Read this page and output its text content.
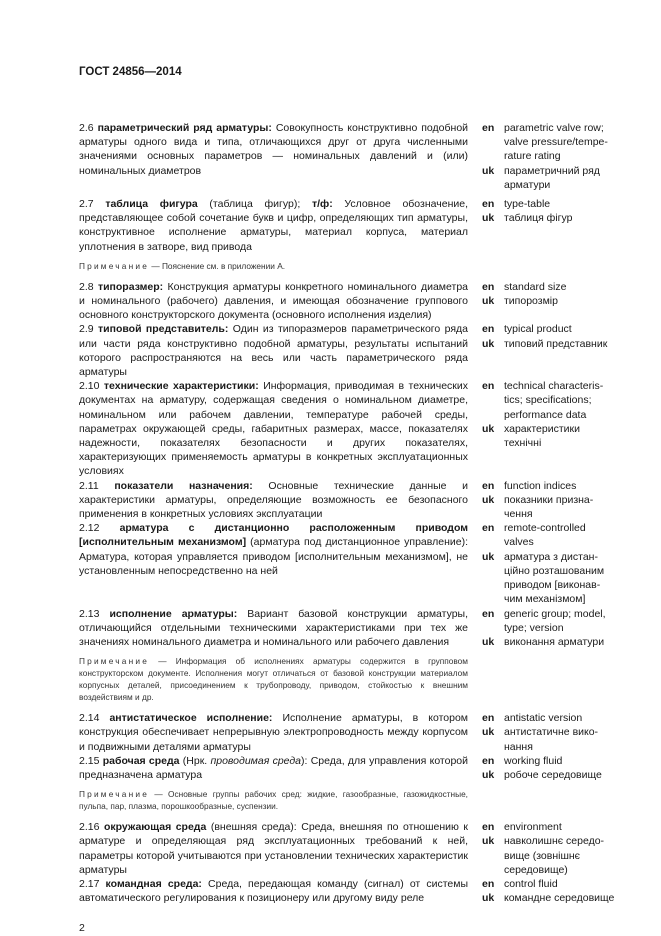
ГОСТ 24856—2014
2.6 параметрический ряд арматуры: Совокупность конструктивно подобной арматуры одного вида и типа, отличающихся друг от друга численными значениями основных параметров — номинальных давлений и (или) номинальных диаметров
en parametric valve row;
valve pressure/tempe-
rature rating
uk параметричний ряд
арматури
2.7 таблица фигура (таблица фигур); т/ф: Условное обозначение, представляющее собой сочетание букв и цифр, определяющих тип арматуры, конструктивное исполнение арматуры, материал корпуса, материал уплотнения в затворе, вид привода
en type-table
uk таблиця фігур
Примечание — Пояснение см. в приложении А.
2.8 типоразмер: Конструкция арматуры конкретного номинального диаметра и номинального (рабочего) давления, и имеющая обозначение группового основного конструкторского документа (основного исполнения изделия)
en standard size
uk типорозмір
2.9 типовой представитель: Один из типоразмеров параметрического ряда или части ряда конструктивно подобной арматуры, результаты испытаний которого распространяются на весь или часть параметрического ряда арматуры
en typical product
uk типовий представник
2.10 технические характеристики: Информация, приводимая в технических документах на арматуру, содержащая сведения о номинальном диаметре, номинальном или рабочем давлении, температуре рабочей среды, параметрах окружающей среды, габаритных размерах, массе, показателях надежности, показателях безопасности и других показателях, характеризующих применяемость арматуры в конкретных эксплуатационных условиях
en technical characteris-
tics; specifications;
performance data
uk характеристики
технічні
2.11 показатели назначения: Основные технические данные и характеристики арматуры, определяющие возможность ее безопасного применения в конкретных условиях эксплуатации
en function indices
uk показники призна-
чення
2.12 арматура с дистанционно расположенным приводом [исполнительным механизмом] (арматура под дистанционное управление): Арматура, которая управляется приводом [исполнительным механизмом], не установленным непосредственно на ней
en remote-controlled
valves
uk арматура з дистан-
ційно розташованим
приводом [виконав-
чим механізмом]
2.13 исполнение арматуры: Вариант базовой конструкции арматуры, отличающийся отдельными техническими характеристиками при тех же значениях номинального диаметра и номинального или рабочего давления
en generic group; model,
type; version
uk виконання арматури
Примечание — Информация об исполнениях арматуры содержится в групповом конструкторском документе. Исполнения могут отличаться от базовой конструкции материалом корпусных деталей, присоединением к трубопроводу, приводом, стойкостью к внешним воздействиям и др.
2.14 антистатическое исполнение: Исполнение арматуры, в котором конструкция обеспечивает непрерывную электропроводность между корпусом и подвижными деталями арматуры
en antistatic version
uk антистатичне вико-
нання
2.15 рабочая среда (Нрк. проводимая среда): Среда, для управления которой предназначена арматура
en working fluid
uk робоче середовище
Примечание — Основные группы рабочих сред: жидкие, газообразные, газожидкостные, пульпа, пар, плазма, порошкообразные, суспензии.
2.16 окружающая среда (внешняя среда): Среда, внешняя по отношению к арматуре и определяющая ряд эксплуатационных требований к ней, параметры которой учитываются при установлении технических характеристик арматуры
en environment
uk навколишнє середо-
вище (зовнішнє
середовище)
2.17 командная среда: Среда, передающая команду (сигнал) от системы автоматического регулирования к позиционеру или другому виду реле
en control fluid
uk командне середовище
2
